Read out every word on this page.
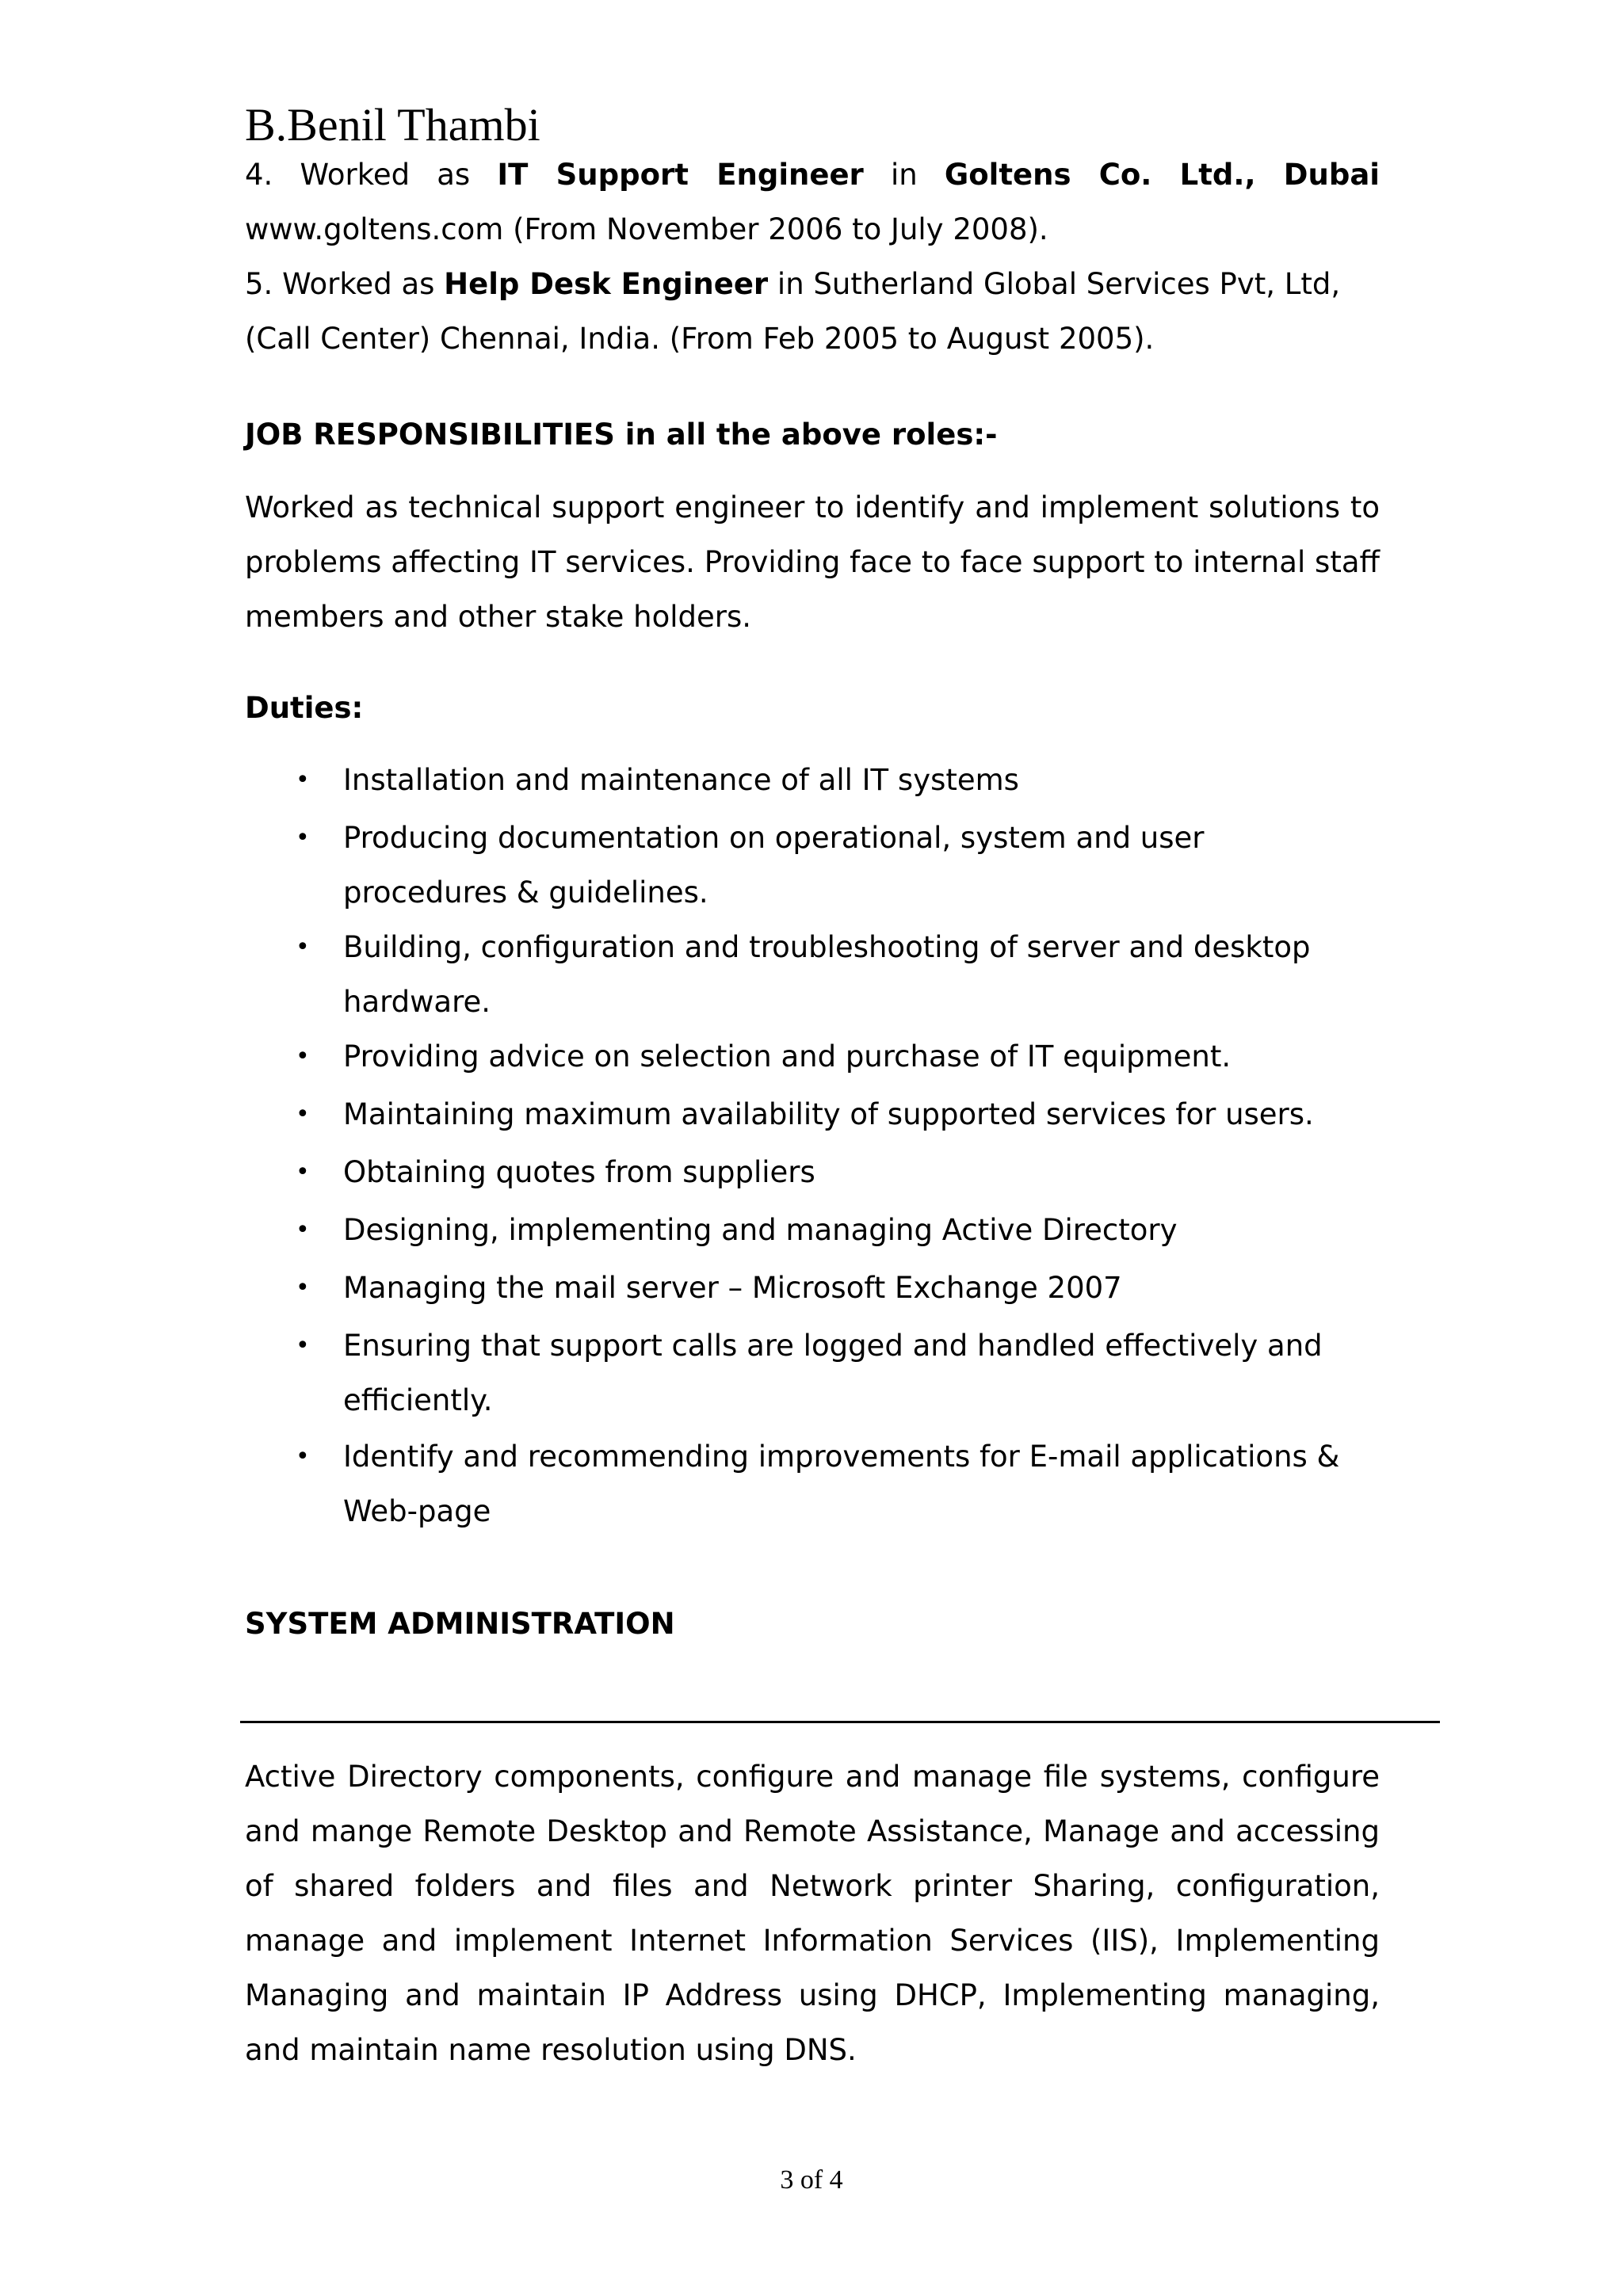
B.Benil Thambi
4. Worked as IT Support Engineer in Goltens Co. Ltd., Dubai

www.goltens.com (From November 2006 to July 2008).

5. Worked as Help Desk Engineer in Sutherland Global Services Pvt, Ltd,

(Call Center) Chennai, India. (From Feb 2005 to August 2005).

JOB RESPONSIBILITIES in all the above roles:-

Worked as technical support engineer to identify and implement solutions to problems affecting IT services. Providing face to face support to internal staff members and other stake holders.

Duties:

• Installation and maintenance of all IT systems
• Producing documentation on operational, system and user procedures & guidelines.
• Building, configuration and troubleshooting of server and desktop hardware.
• Providing advice on selection and purchase of IT equipment.
• Maintaining maximum availability of supported services for users.
• Obtaining quotes from suppliers
• Designing, implementing and managing Active Directory
• Managing the mail server – Microsoft Exchange 2007
• Ensuring that support calls are logged and handled effectively and efficiently.
• Identify and recommending improvements for E-mail applications & Web-page

SYSTEM ADMINISTRATION

Active Directory components, configure and manage file systems, configure and mange Remote Desktop and Remote Assistance, Manage and accessing of shared folders and files and Network printer Sharing, configuration, manage and implement Internet Information Services (IIS), Implementing Managing and maintain IP Address using DHCP, Implementing managing, and maintain name resolution using DNS.

3 of 4
